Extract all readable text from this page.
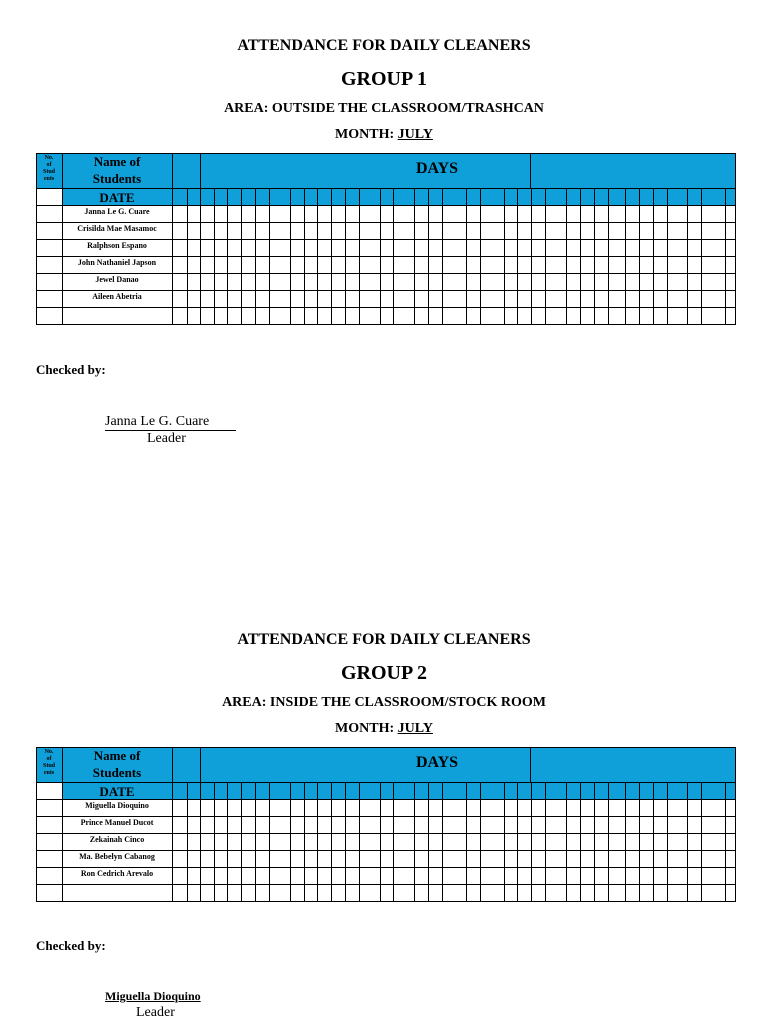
ATTENDANCE FOR DAILY CLEANERS
GROUP 1
AREA: OUTSIDE THE CLASSROOM/TRASHCAN
MONTH: JULY
No.
of
Stud
ents
Name of
Students
DAYS
DATE
Janna Le G. Cuare
Crisilda Mae Masamoc
Ralphson Espano
John Nathaniel Japson
Jewel Danao
Aileen Abetria
Checked by:
Janna Le G. Cuare
Leader
ATTENDANCE FOR DAILY CLEANERS
GROUP 2
AREA: INSIDE THE CLASSROOM/STOCK ROOM
MONTH: JULY
No.
of
Stud
ents
Name of
Students
DAYS
DATE
Miguella Dioquino
Prince Manuel Ducot
Zekainah Cinco
Ma. Bebelyn Cabanog
Ron Cedrich Arevalo
Checked by:
Miguella Dioquino
Leader
